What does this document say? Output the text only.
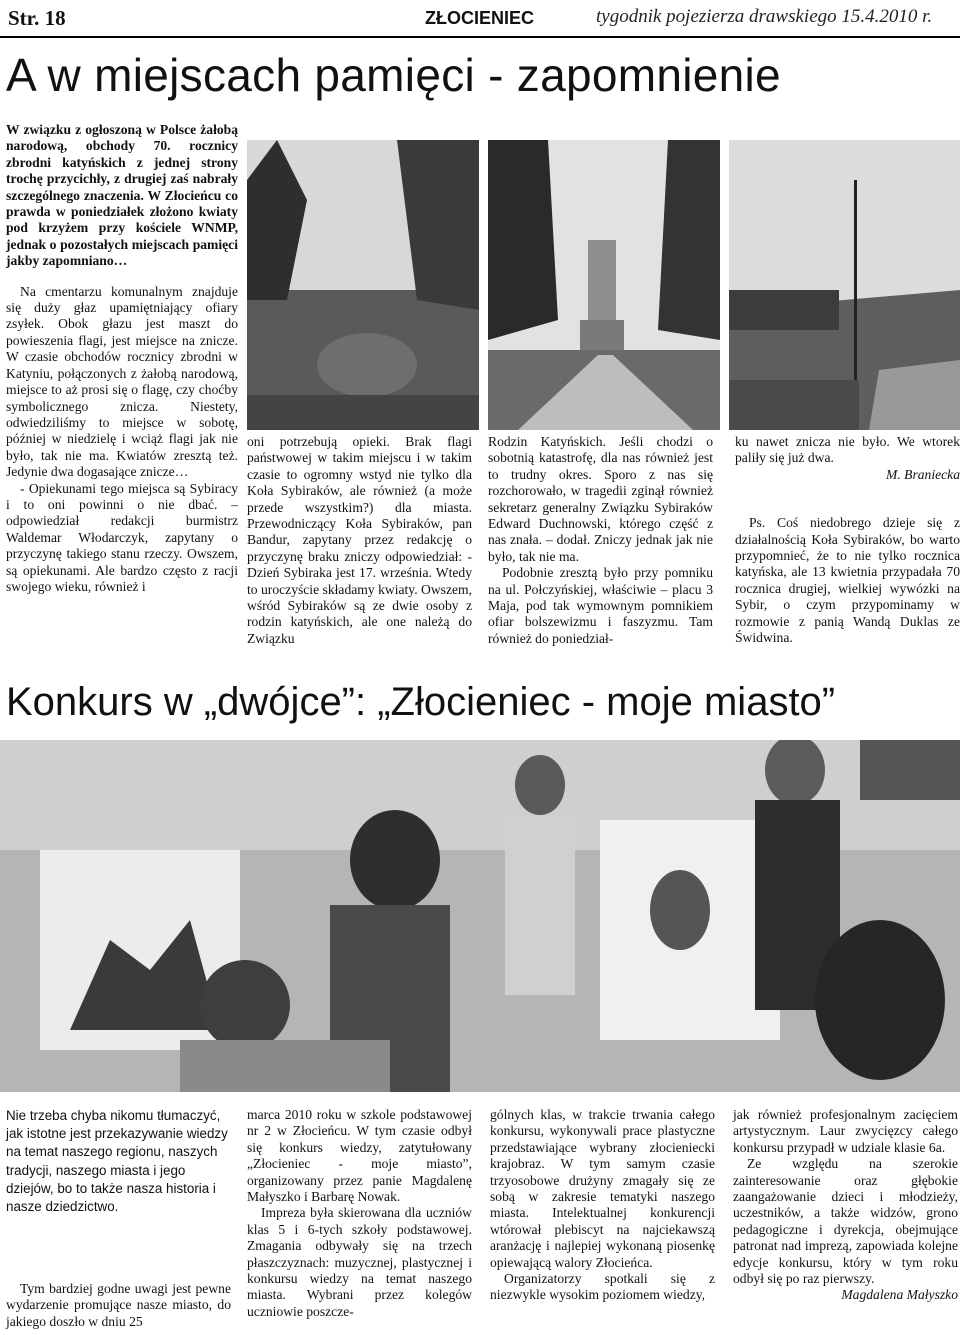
Str. 18	ZŁOCIENIEC	tygodnik pojezierza drawskiego 15.4.2010 r.
A w miejscach pamięci - zapomnienie

W związku z ogłoszoną w Polsce żałobą narodową, obchody 70. rocznicy zbrodni katyńskich z jednej strony trochę przycichły, z drugiej zaś nabrały szczególnego znaczenia. W Złocieńcu co prawda w poniedziałek złożono kwiaty pod krzyżem przy kościele WNMP, jednak o pozostałych miejscach pamięci jakby zapomniano…

Na cmentarzu komunalnym znajduje się duży głaz upamiętniający ofiary zsyłek. Obok głazu jest maszt do powieszenia flagi, jest miejsce na znicze. W czasie obchodów rocznicy zbrodni w Katyniu, połączonych z żałobą narodową, miejsce to aż prosi się o flagę, czy choćby symbolicznego znicza. Niestety, odwiedziliśmy to miejsce w sobotę, później w niedzielę i wciąż flagi jak nie było, tak nie ma. Kwiatów zresztą też. Jedynie dwa dogasające znicze…

- Opiekunami tego miejsca są Sybiracy i to oni powinni o nie dbać. – odpowiedział redakcji burmistrz Waldemar Włodarczyk, zapytany o przyczynę takiego stanu rzeczy. Owszem, są opiekunami. Ale bardzo często z racji swojego wieku, również i

oni potrzebują opieki. Brak flagi państwowej w takim miejscu i w takim czasie to ogromny wstyd nie tylko dla Koła Sybiraków, ale również (a może przede wszystkim?) dla miasta. Przewodniczący Koła Sybiraków, pan Bandur, zapytany przez redakcję o przyczynę braku zniczy odpowiedział: - Dzień Sybiraka jest 17. września. Wtedy to uroczyście składamy kwiaty. Owszem, wśród Sybiraków są ze dwie osoby z rodzin katyńskich, ale one należą do Związku

Rodzin Katyńskich. Jeśli chodzi o sobotnią katastrofę, dla nas również jest to trudny okres. Sporo z nas się rozchorowało, w tragedii zginął również sekretarz generalny Związku Sybiraków Edward Duchnowski, którego część z nas znała. – dodał. Zniczy jednak jak nie było, tak nie ma.

Podobnie zresztą było przy pomniku na ul. Połczyńskiej, właściwie – placu 3 Maja, pod tak wymownym pomnikiem ofiar bolszewizmu i faszyzmu. Tam również do poniedział-

ku nawet znicza nie było. We wtorek paliły się już dwa.

M. Braniecka

Ps. Coś niedobrego dzieje się z działalnością Koła Sybiraków, bo warto przypomnieć, że to nie tylko rocznica katyńska, ale 13 kwietnia przypadała 70 rocznica drugiej, wielkiej wywózki na Sybir, o czym przypominamy w rozmowie z panią Wandą Duklas ze Świdwina.

Konkurs w „dwójce”: „Złocieniec - moje miasto”

Nie trzeba chyba nikomu tłumaczyć, jak istotne jest przekazywanie wiedzy na temat naszego regionu, naszych tradycji, naszego miasta i jego dziejów, bo to także nasza historia i nasze dziedzictwo.

Tym bardziej godne uwagi jest pewne wydarzenie promujące nasze miasto, do jakiego doszło w dniu 25

marca 2010 roku w szkole podstawowej nr 2 w Złocieńcu. W tym czasie odbył się konkurs wiedzy, zatytułowany „Złocieniec - moje miasto”, organizowany przez panie Magdalenę Małyszko i Barbarę Nowak.

Impreza była skierowana dla uczniów klas 5 i 6-tych szkoły podstawowej. Zmagania odbywały się na trzech płaszczyznach: muzycznej, plastycznej i konkursu wiedzy na temat naszego miasta. Wybrani przez kolegów uczniowie poszcze-

gólnych klas, w trakcie trwania całego konkursu, wykonywali prace plastyczne przedstawiające wybrany złocieniecki krajobraz. W tym samym czasie trzyosobowe drużyny zmagały się ze sobą w zakresie tematyki naszego miasta. Intelektualnej konkurencji wtórował plebiscyt na najciekawszą aranżację i najlepiej wykonaną piosenkę opiewającą walory Złocieńca.

Organizatorzy spotkali się z niezwykle wysokim poziomem wiedzy,

jak również profesjonalnym zacięciem artystycznym. Laur zwycięzcy całego konkursu przypadł w udziale klasie 6a.

Ze względu na szerokie zainteresowanie oraz głębokie zaangażowanie dzieci i młodzieży, uczestników, a także widzów, grono pedagogiczne i dyrekcja, obejmujące patronat nad imprezą, zapowiada kolejne edycje konkursu, który w tym roku odbył się po raz pierwszy.

Magdalena Małyszko
